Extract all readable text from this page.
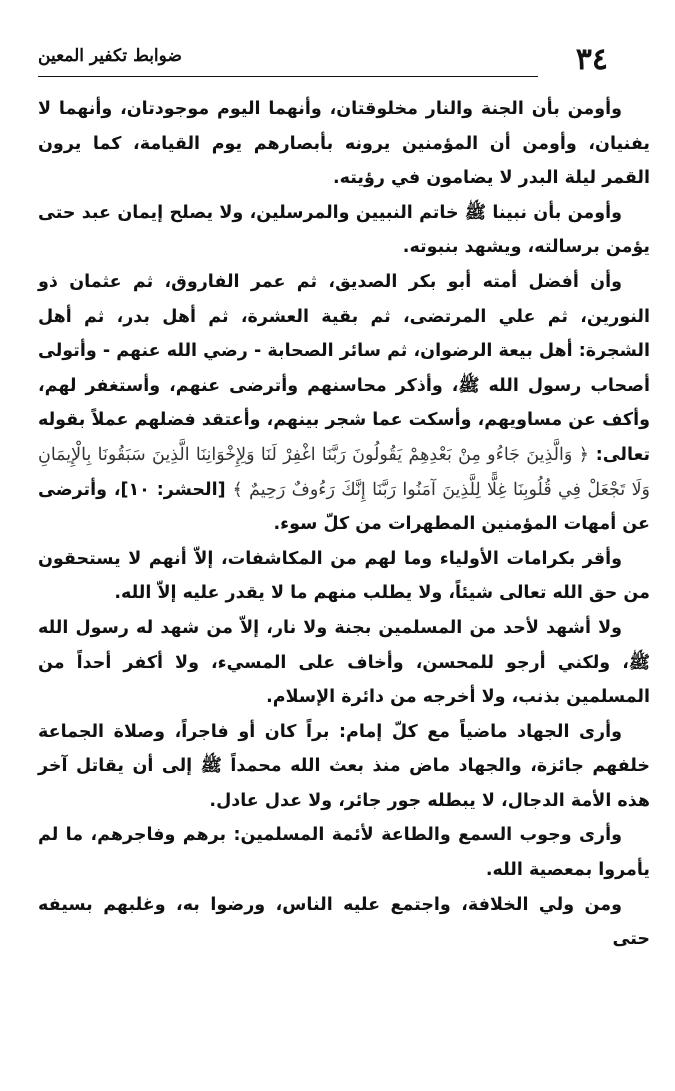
٣٤
ضوابط تكفير المعين

وأومن بأن الجنة والنار مخلوقتان، وأنهما اليوم موجودتان، وأنهما لا يفنيان، وأومن أن المؤمنين يرونه بأبصارهم يوم القيامة، كما يرون القمر ليلة البدر لا يضامون في رؤيته.

وأومن بأن نبينا ﷺ خاتم النبيين والمرسلين، ولا يصلح إيمان عبد حتى يؤمن برسالته، ويشهد بنبوته.

وأن أفضل أمته أبو بكر الصديق، ثم عمر الفاروق، ثم عثمان ذو النورين، ثم علي المرتضى، ثم بقية العشرة، ثم أهل بدر، ثم أهل الشجرة: أهل بيعة الرضوان، ثم سائر الصحابة - رضي الله عنهم - وأتولى أصحاب رسول الله ﷺ، وأذكر محاسنهم وأترضى عنهم، وأستغفر لهم، وأكف عن مساويهم، وأسكت عما شجر بينهم، وأعتقد فضلهم عملاً بقوله تعالى: ﴿ وَالَّذِينَ جَاءُو مِنْ بَعْدِهِمْ يَقُولُونَ رَبَّنَا اغْفِرْ لَنَا وَلِإِخْوَانِنَا الَّذِينَ سَبَقُونَا بِالْإِيمَانِ وَلَا تَجْعَلْ فِي قُلُوبِنَا غِلًّا لِلَّذِينَ آمَنُوا رَبَّنَا إِنَّكَ رَءُوفٌ رَحِيمٌ ﴾ [الحشر: ١٠]، وأترضى عن أمهات المؤمنين المطهرات من كلّ سوء.

وأقر بكرامات الأولياء وما لهم من المكاشفات، إلاّ أنهم لا يستحقون من حق الله تعالى شيئاً، ولا يطلب منهم ما لا يقدر عليه إلاّ الله.

ولا أشهد لأحد من المسلمين بجنة ولا نار، إلاّ من شهد له رسول الله ﷺ، ولكني أرجو للمحسن، وأخاف على المسيء، ولا أكفر أحداً من المسلمين بذنب، ولا أخرجه من دائرة الإسلام.

وأرى الجهاد ماضياً مع كلّ إمام: براً كان أو فاجراً، وصلاة الجماعة خلفهم جائزة، والجهاد ماض منذ بعث الله محمداً ﷺ إلى أن يقاتل آخر هذه الأمة الدجال، لا يبطله جور جائر، ولا عدل عادل.

وأرى وجوب السمع والطاعة لأئمة المسلمين: برهم وفاجرهم، ما لم يأمروا بمعصية الله.

ومن ولي الخلافة، واجتمع عليه الناس، ورضوا به، وغلبهم بسيفه حتى
